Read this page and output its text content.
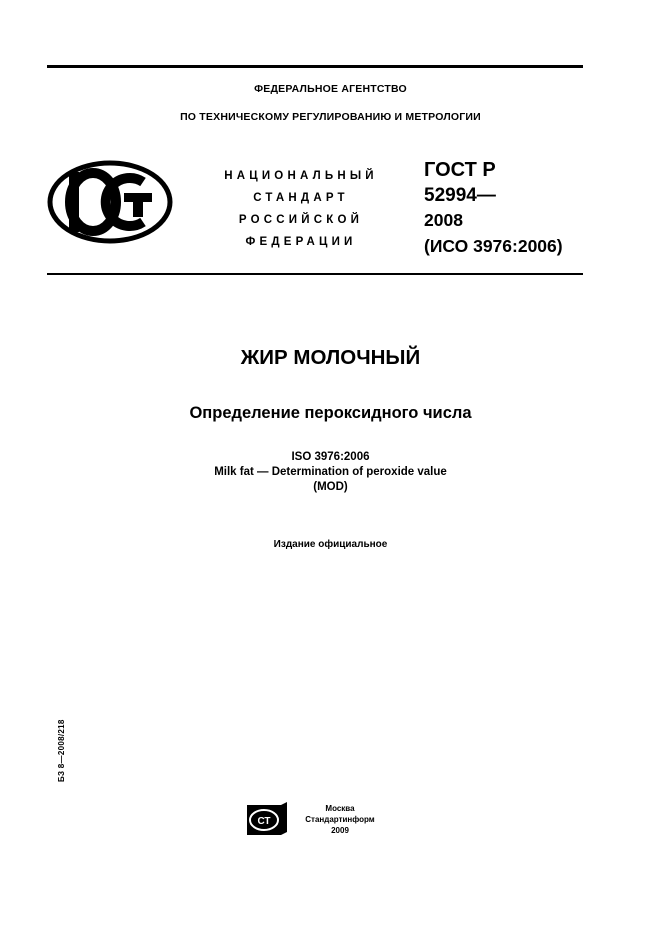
ФЕДЕРАЛЬНОЕ АГЕНТСТВО
ПО ТЕХНИЧЕСКОМУ РЕГУЛИРОВАНИЮ И МЕТРОЛОГИИ
НАЦИОНАЛЬНЫЙ
СТАНДАРТ
РОССИЙСКОЙ
ФЕДЕРАЦИИ
ГОСТ Р
52994—
2008
(ИСО 3976:2006)
ЖИР МОЛОЧНЫЙ
Определение пероксидного числа
ISO 3976:2006
Milk fat — Determination of peroxide value
(MOD)
Издание официальное
БЗ 8—2008/218
СТ
Москва
Стандартинформ
2009
